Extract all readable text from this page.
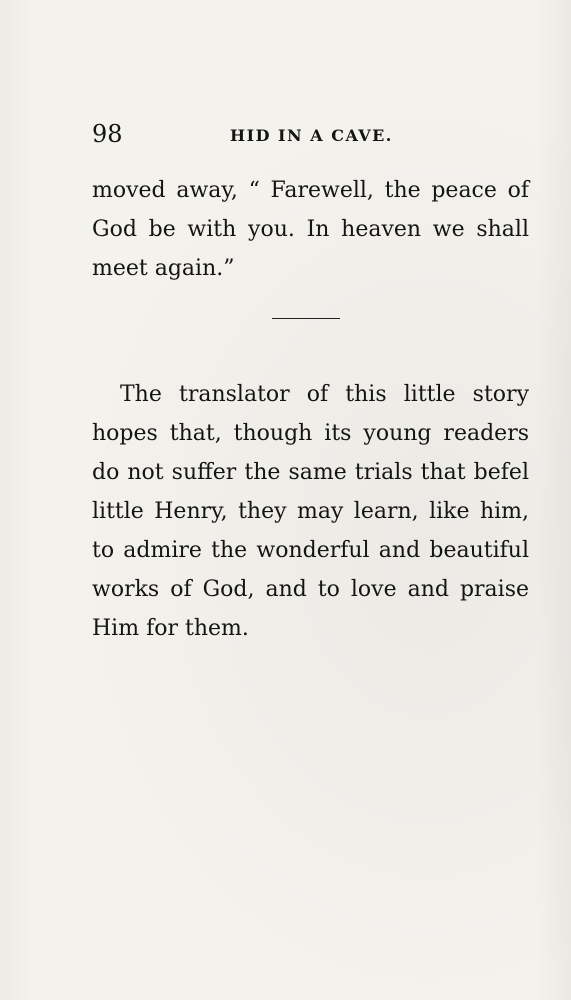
98	HID IN A CAVE.
moved away, “ Farewell, the peace of
God be with you. In heaven we shall
meet again.”
The translator of this little story
hopes that, though its young readers
do not suffer the same trials that befel
little Henry, they may learn, like him,
to admire the wonderful and beautiful
works of God, and to love and praise
Him for them.
